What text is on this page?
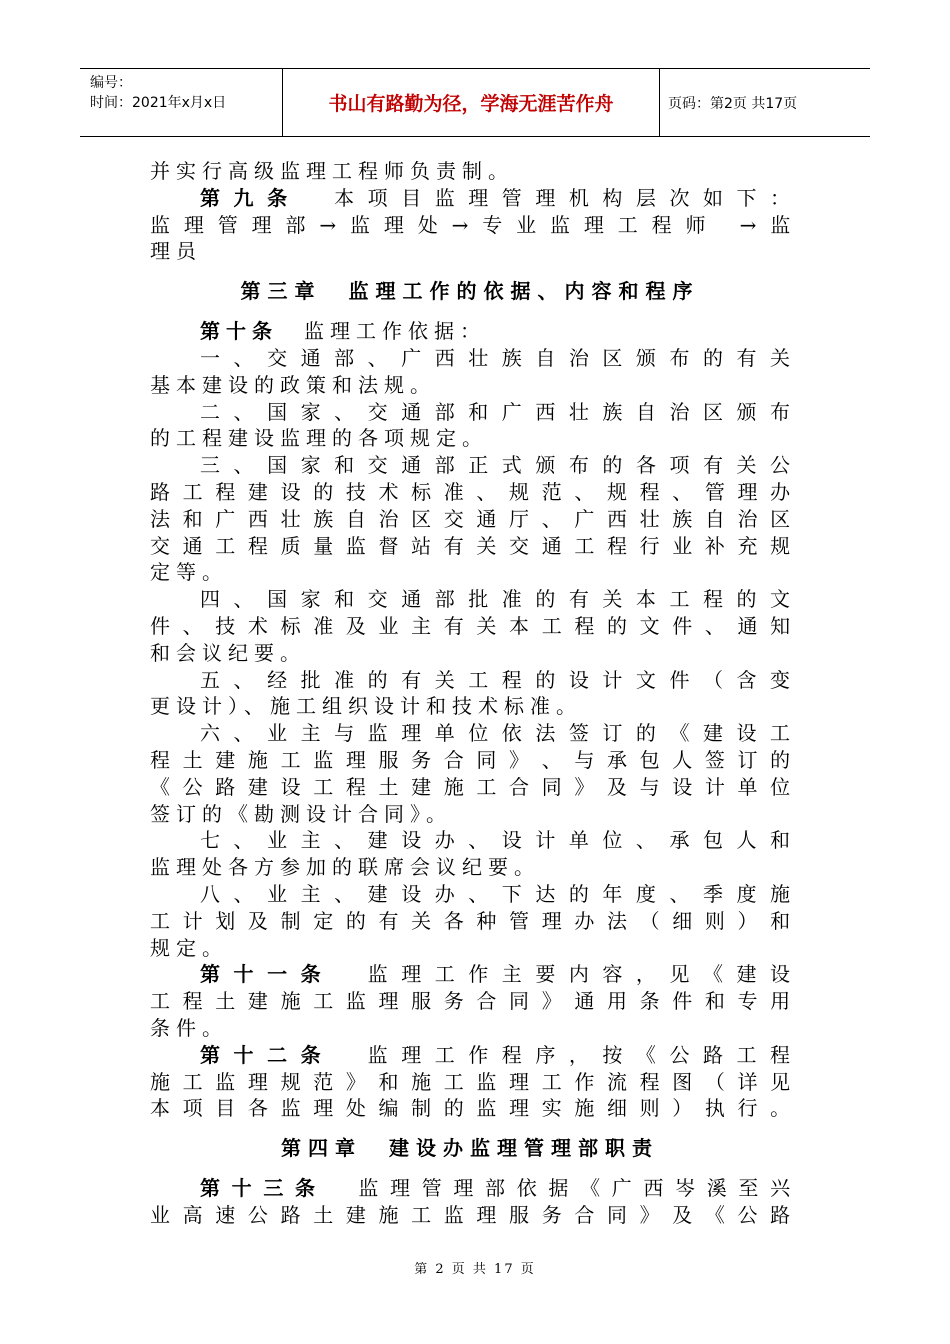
编号：
时间：2021年x月x日	书山有路勤为径，学海无涯苦作舟	页码：第2页 共17页
并实行高级监理工程师负责制。
第​九​条​　​本​项​目​监​理​管​理​机​构​层​次​如​下​：​
监​理​管​理​部​→​监​理​处​→​专​业​监​理​工​程​师​ ​→​监​
理员
第三章　监理工作的依据、内容和程序
第十条　监理工作依据：
一​、​交​通​部​、​广​西​壮​族​自​治​区​颁​布​的​有​关​
基本建设的政策和法规。
二​、​国​家​、​交​通​部​和​广​西​壮​族​自​治​区​颁​布​
的工程建设监理的各项规定。
三​、​国​家​和​交​通​部​正​式​颁​布​的​各​项​有​关​公​
路​工​程​建​设​的​技​术​标​准​、​规​范​、​规​程​、​管​理​办​
法​和​广​西​壮​族​自​治​区​交​通​厅​、​广​西​壮​族​自​治​区​
交​通​工​程​质​量​监​督​站​有​关​交​通​工​程​行​业​补​充​规​
定等。
四​、​国​家​和​交​通​部​批​准​的​有​关​本​工​程​的​文​
件​、​技​术​标​准​及​业​主​有​关​本​工​程​的​文​件​、​通​知​
和会议纪要。
五​、​经​批​准​的​有​关​工​程​的​设​计​文​件​（​含​变​
更设计）、施工组织设计和技术标准。
六​、​业​主​与​监​理​单​位​依​法​签​订​的​《​建​设​工​
程​土​建​施​工​监​理​服​务​合​同​》​、​与​承​包​人​签​订​的​
《​公​路​建​设​工​程​土​建​施​工​合​同​》​及​与​设​计​单​位​
签订的《勘测设计合同》。
七​、​业​主​、​建​设​办​、​设​计​单​位​、​承​包​人​和​
监理处各方参加的联席会议纪要。
八​、​业​主​、​建​设​办​、​下​达​的​年​度​、​季​度​施​
工​计​划​及​制​定​的​有​关​各​种​管​理​办​法​（​细​则​）​和​
规定。
第​十​一​条​　​监​理​工​作​主​要​内​容​，​见​《​建​设​
工​程​土​建​施​工​监​理​服​务​合​同​》​通​用​条​件​和​专​用​
条件。
第​十​二​条​　​监​理​工​作​程​序​，​按​《​公​路​工​程​
施​工​监​理​规​范​》​和​施​工​监​理​工​作​流​程​图​（​详​见​
本​项​目​各​监​理​处​编​制​的​监​理​实​施​细​则​）​执​行​。​
第四章　建设办监理管理部职责
第​十​三​条​　​监​理​管​理​部​依​据​《​广​西​岑​溪​至​兴​
业​高​速​公​路​土​建​施​工​监​理​服​务​合​同​》​及​《​公​路​
第 2 页 共 17 页
